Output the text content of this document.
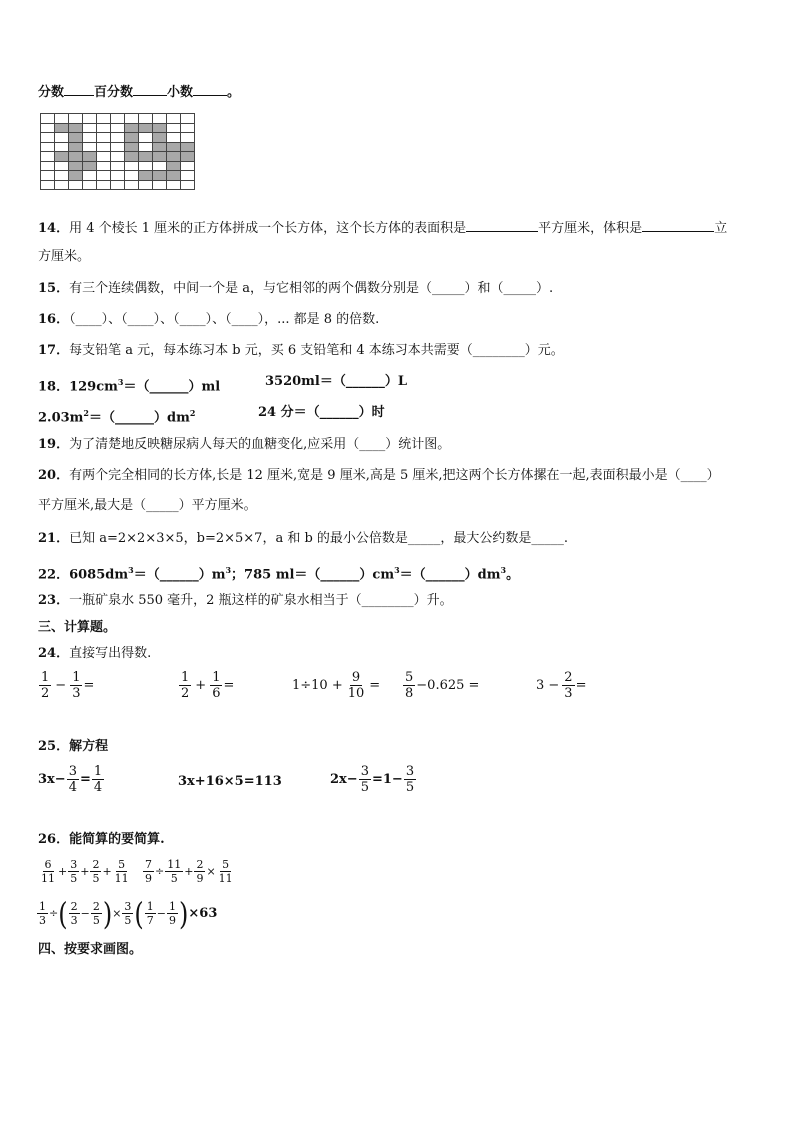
分数 百分数	小数	。

14．用 4 个棱长 1 厘米的正方体拼成一个长方体，这个长方体的表面积是	平方厘米，体积是	立
方厘米。
15．有三个连续偶数，中间一个是 a，与它相邻的两个偶数分别是（_____）和（_____）.
16．（____）、（____）、（____）、（____），... 都是 8 的倍数.
17．每支铅笔 a 元，每本练习本 b 元，买 6 支铅笔和 4 本练习本共需要（________）元。
18．$129cm^3=(\_\_\_\_\_\_)ml$	3520ml＝（______）L
$2.03m^2=(\_\_\_\_\_\_)dm^2$	24 分＝（______）时
19．为了清楚地反映糖尿病人每天的血糖变化,应采用（____）统计图。
20．有两个完全相同的长方体,长是 12 厘米,宽是 9 厘米,高是 5 厘米,把这两个长方体摞在一起,表面积最小是（____）
平方厘米,最大是（_____）平方厘米。
21．已知 a=2×2×3×5，b=2×5×7，a 和 b 的最小公倍数是_____，最大公约数是_____.
22．$6085dm^3=(\_\_\_\_\_\_)m^3$；785 $ml=(\_\_\_\_\_\_)cm^3=(\_\_\_\_\_\_)dm^3$。
23．一瓶矿泉水 550 毫升，2 瓶这样的矿泉水相当于（________）升。
三、计算题。
24．直接写出得数.
$\frac{1}{2} - \frac{1}{3}$ =	$\frac{1}{2} + \frac{1}{6}$ =	$1\div 10 + \frac{9}{10} = \frac{5}{8} -0.625$ =	$3 - \frac{2}{3}$ =
25．解方程
$3x- \frac{3}{4} = \frac{1}{4}$	3x+16×5=113	$2x- \frac{3}{5} =1- \frac{3}{5}$
26．能简算的要简算.
$\frac{6}{11} + \frac{3}{5} + \frac{2}{5} + \frac{5}{11} \frac{7}{9} \div \frac{11}{5} + \frac{2}{9} \times \frac{5}{11}$
$\frac{1}{3}$ ÷ ( $\frac{2}{3} - \frac{2}{5}$ ) × $\frac{3}{5}$ ( $\frac{1}{7} - \frac{1}{9}$ ) ×63
四、按要求画图。
